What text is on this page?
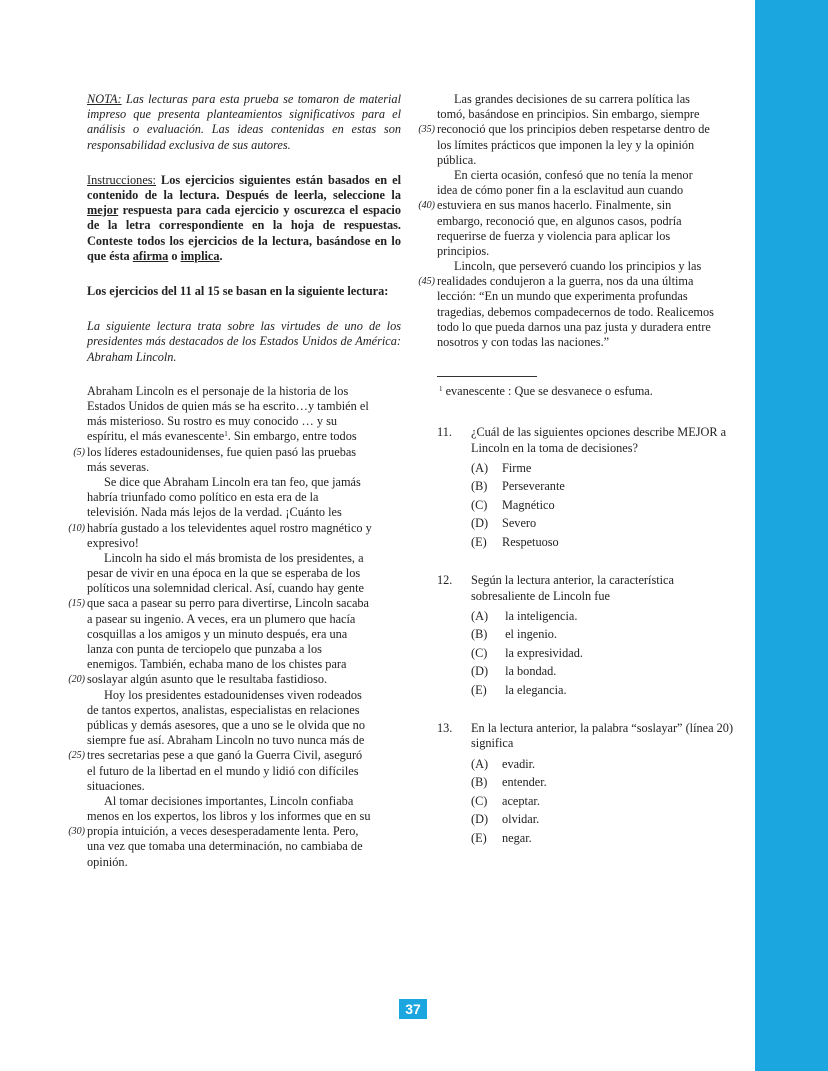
NOTA: Las lecturas para esta prueba se tomaron de material impreso que presenta planteamientos significativos para el análisis o evaluación. Las ideas contenidas en estas son responsabilidad exclusiva de sus autores.

Instrucciones: Los ejercicios siguientes están basados en el contenido de la lectura. Después de leerla, seleccione la mejor respuesta para cada ejercicio y oscurezca el espacio de la letra correspondiente en la hoja de respuestas. Conteste todos los ejercicios de la lectura, basándose en lo que ésta afirma o implica.

Los ejercicios del 11 al 15 se basan en la siguiente lectura:

La siguiente lectura trata sobre las virtudes de uno de los presidentes más destacados de los Estados Unidos de América: Abraham Lincoln.

Abraham Lincoln es el personaje de la historia de los
Estados Unidos de quien más se ha escrito…y también el
más misterioso. Su rostro es muy conocido … y su
espíritu, el más evanescente$^1$. Sin embargo, entre todos
(5) los líderes estadounidenses, fue quien pasó las pruebas
más severas.
Se dice que Abraham Lincoln era tan feo, que jamás
habría triunfado como político en esta era de la
televisión. Nada más lejos de la verdad. ¡Cuánto les
(10) habría gustado a los televidentes aquel rostro magnético y
expresivo!
Lincoln ha sido el más bromista de los presidentes, a
pesar de vivir en una época en la que se esperaba de los
políticos una solemnidad clerical. Así, cuando hay gente
(15) que saca a pasear su perro para divertirse, Lincoln sacaba
a pasear su ingenio. A veces, era un plumero que hacía
cosquillas a los amigos y un minuto después, era una
lanza con punta de terciopelo que punzaba a los
enemigos. También, echaba mano de los chistes para
(20) soslayar algún asunto que le resultaba fastidioso.
Hoy los presidentes estadounidenses viven rodeados
de tantos expertos, analistas, especialistas en relaciones
públicas y demás asesores, que a uno se le olvida que no
siempre fue así. Abraham Lincoln no tuvo nunca más de
(25) tres secretarias pese a que ganó la Guerra Civil, aseguró
el futuro de la libertad en el mundo y lidió con difíciles
situaciones.
Al tomar decisiones importantes, Lincoln confiaba
menos en los expertos, los libros y los informes que en su
(30) propia intuición, a veces desesperadamente lenta. Pero,
una vez que tomaba una determinación, no cambiaba de
opinión.
Las grandes decisiones de su carrera política las
tomó, basándose en principios. Sin embargo, siempre
(35) reconoció que los principios deben respetarse dentro de
los límites prácticos que imponen la ley y la opinión
pública.
En cierta ocasión, confesó que no tenía la menor
idea de cómo poner fin a la esclavitud aun cuando
(40) estuviera en sus manos hacerlo. Finalmente, sin
embargo, reconoció que, en algunos casos, podría
requerirse de fuerza y violencia para aplicar los
principios.
Lincoln, que perseveró cuando los principios y las
(45) realidades condujeron a la guerra, nos da una última
lección: “En un mundo que experimenta profundas
tragedias, debemos compadecernos de todo. Realicemos
todo lo que pueda darnos una paz justa y duradera entre
nosotros y con todas las naciones.”
$^1$ evanescente : Que se desvanece o esfuma.
11.	¿Cuál de las siguientes opciones describe MEJOR a Lincoln en la toma de decisiones?
(A) Firme
(B) Perseverante
(C) Magnético
(D) Severo
(E) Respetuoso
12.	Según la lectura anterior, la característica sobresaliente de Lincoln fue
(A) la inteligencia.
(B) el ingenio.
(C) la expresividad.
(D) la bondad.
(E) la elegancia.
13.	En la lectura anterior, la palabra “soslayar” (línea 20) significa
(A) evadir.
(B) entender.
(C) aceptar.
(D) olvidar.
(E) negar.
37
